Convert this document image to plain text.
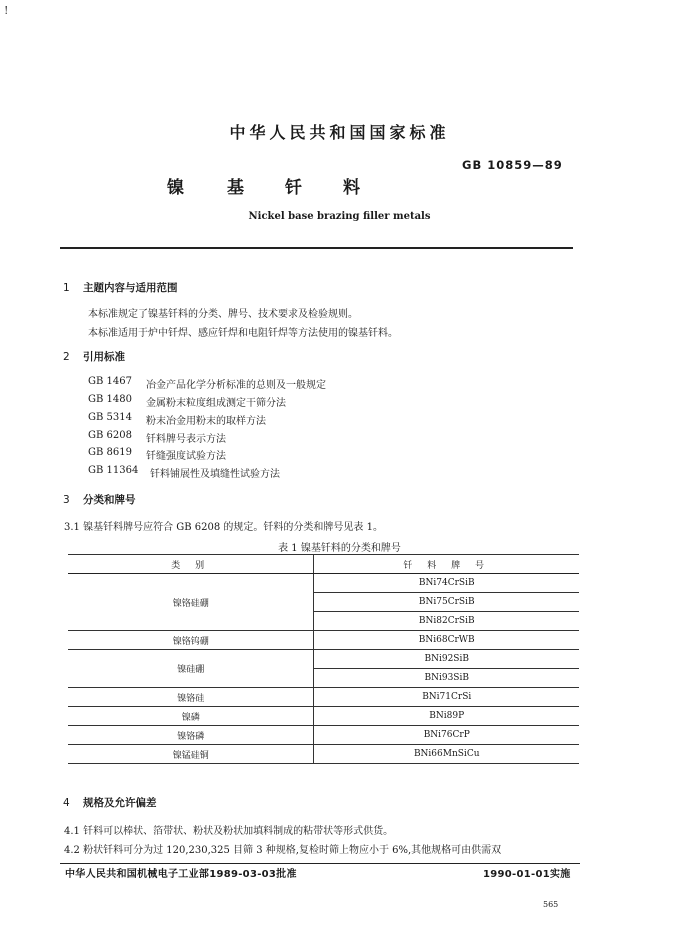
!
中华人民共和国国家标准
GB 10859—89
镍	基 钎 料
Nickel base brazing filler metals
1 主题内容与适用范围
本标准规定了镍基钎料的分类、牌号、技术要求及检验规则。
本标准适用于炉中钎焊、感应钎焊和电阻钎焊等方法使用的镍基钎料。
2 引用标准
GB 1467 冶金产品化学分析标准的总则及一般规定
GB 1480 金属粉末粒度组成测定干筛分法
GB 5314 粉末冶金用粉末的取样方法
GB 6208 钎料牌号表示方法
GB 8619 钎缝强度试验方法
GB 11364 钎料铺展性及填缝性试验方法
3 分类和牌号
3.1 镍基钎料牌号应符合 GB 6208 的规定。钎料的分类和牌号见表 1。
表 1 镍基钎料的分类和牌号
类 别	钎 料 牌 号
镍铬硅硼	BNi74CrSiB
	BNi75CrSiB
	BNi82CrSiB
镍铬钨硼	BNi68CrWB
镍硅硼	BNi92SiB
	BNi93SiB
镍铬硅	BNi71CrSi
镍磷	BNi89P
镍铬磷	BNi76CrP
镍锰硅铜	BNi66MnSiCu
4 规格及允许偏差
4.1 钎料可以棒状、箔带状、粉状及粉状加填料制成的粘带状等形式供货。
4.2 粉状钎料可分为过 120,230,325 目筛 3 种规格,复检时筛上物应小于 6%,其他规格可由供需双
中华人民共和国机械电子工业部1989-03-03批准	1990-01-01实施
565
